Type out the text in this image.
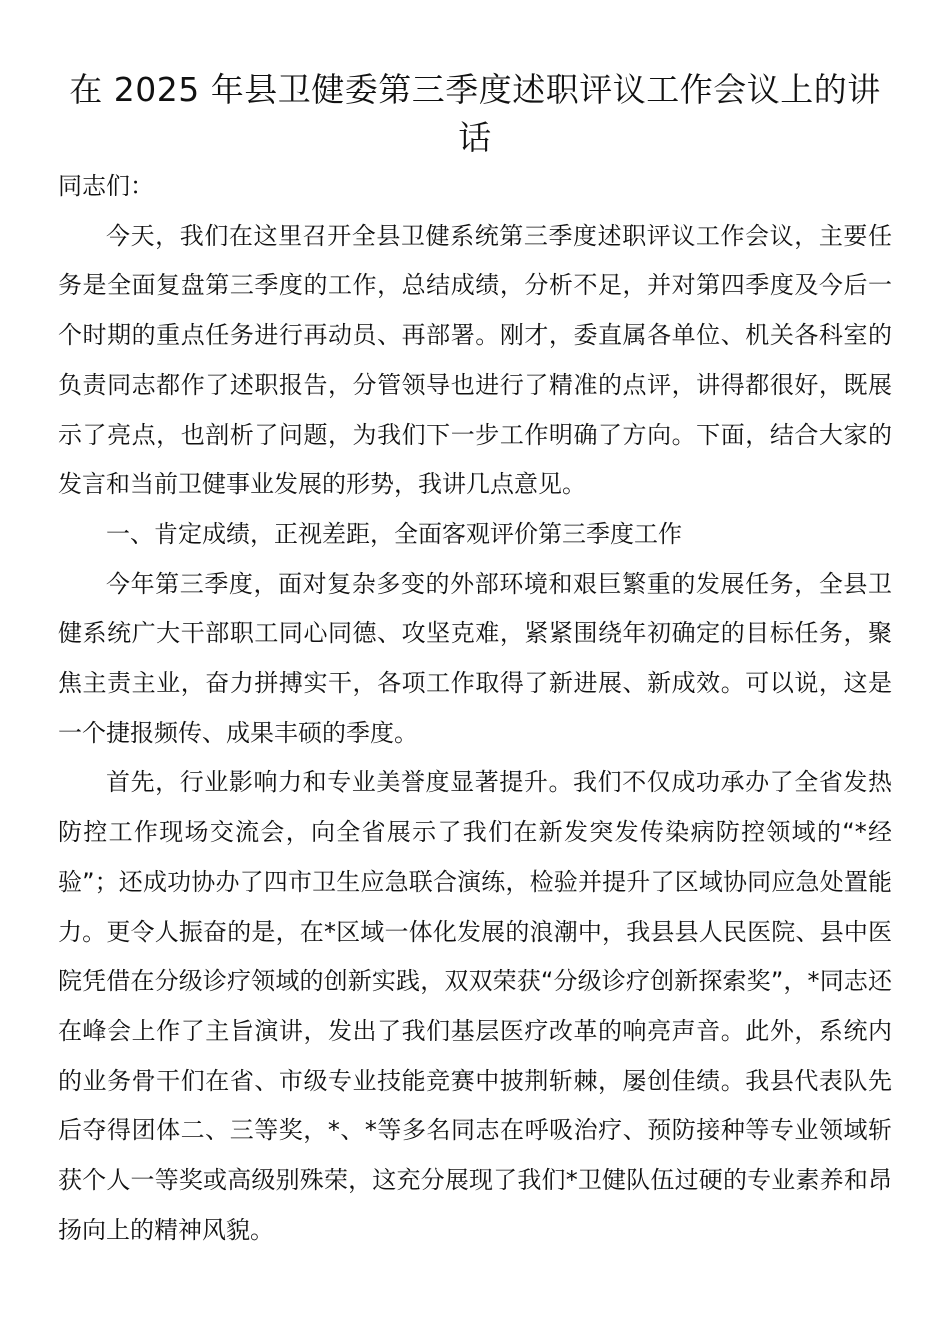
在 2025 年县卫健委第三季度述职评议工作会议上的讲话

同志们：

今天，我们在这里召开全县卫健系统第三季度述职评议工作会议，主要任务是全面复盘第三季度的工作，总结成绩，分析不足，并对第四季度及今后一个时期的重点任务进行再动员、再部署。刚才，委直属各单位、机关各科室的负责同志都作了述职报告，分管领导也进行了精准的点评，讲得都很好，既展示了亮点，也剖析了问题，为我们下一步工作明确了方向。下面，结合大家的发言和当前卫健事业发展的形势，我讲几点意见。

一、肯定成绩，正视差距，全面客观评价第三季度工作

今年第三季度，面对复杂多变的外部环境和艰巨繁重的发展任务，全县卫健系统广大干部职工同心同德、攻坚克难，紧紧围绕年初确定的目标任务，聚焦主责主业，奋力拼搏实干，各项工作取得了新进展、新成效。可以说，这是一个捷报频传、成果丰硕的季度。

首先，行业影响力和专业美誉度显著提升。我们不仅成功承办了全省发热防控工作现场交流会，向全省展示了我们在新发突发传染病防控领域的“*经验”；还成功协办了四市卫生应急联合演练，检验并提升了区域协同应急处置能力。更令人振奋的是，在*区域一体化发展的浪潮中，我县县人民医院、县中医院凭借在分级诊疗领域的创新实践，双双荣获“分级诊疗创新探索奖”，*同志还在峰会上作了主旨演讲，发出了我们基层医疗改革的响亮声音。此外，系统内的业务骨干们在省、市级专业技能竞赛中披荆斩棘，屡创佳绩。我县代表队先后夺得团体二、三等奖，*、*等多名同志在呼吸治疗、预防接种等专业领域斩获个人一等奖或高级别殊荣，这充分展现了我们*卫健队伍过硬的专业素养和昂扬向上的精神风貌。
